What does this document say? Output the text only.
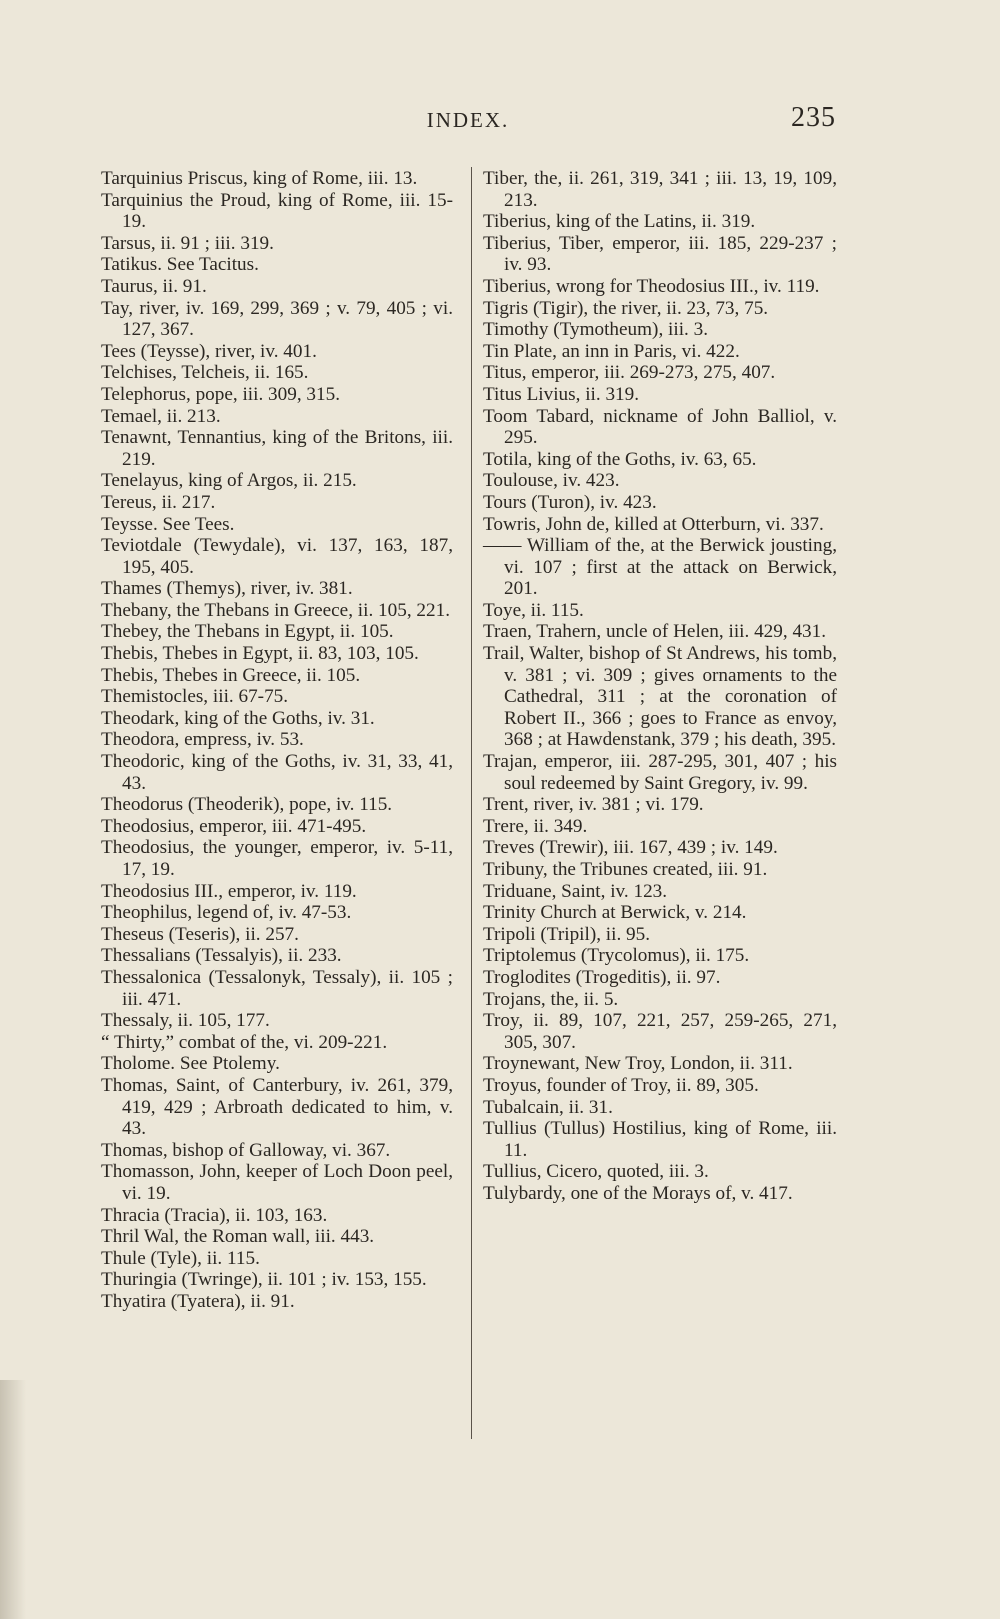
INDEX.	235
Tarquinius Priscus, king of Rome, iii. 13.
Tarquinius the Proud, king of Rome, iii. 15-19.
Tarsus, ii. 91 ; iii. 319.
Tatikus. See Tacitus.
Taurus, ii. 91.
Tay, river, iv. 169, 299, 369 ; v. 79, 405 ; vi. 127, 367.
Tees (Teysse), river, iv. 401.
Telchises, Telcheis, ii. 165.
Telephorus, pope, iii. 309, 315.
Temael, ii. 213.
Tenawnt, Tennantius, king of the Britons, iii. 219.
Tenelayus, king of Argos, ii. 215.
Tereus, ii. 217.
Teysse. See Tees.
Teviotdale (Tewydale), vi. 137, 163, 187, 195, 405.
Thames (Themys), river, iv. 381.
Thebany, the Thebans in Greece, ii. 105, 221.
Thebey, the Thebans in Egypt, ii. 105.
Thebis, Thebes in Egypt, ii. 83, 103, 105.
Thebis, Thebes in Greece, ii. 105.
Themistocles, iii. 67-75.
Theodark, king of the Goths, iv. 31.
Theodora, empress, iv. 53.
Theodoric, king of the Goths, iv. 31, 33, 41, 43.
Theodorus (Theoderik), pope, iv. 115.
Theodosius, emperor, iii. 471-495.
Theodosius, the younger, emperor, iv. 5-11, 17, 19.
Theodosius III., emperor, iv. 119.
Theophilus, legend of, iv. 47-53.
Theseus (Teseris), ii. 257.
Thessalians (Tessalyis), ii. 233.
Thessalonica (Tessalonyk, Tessaly), ii. 105 ; iii. 471.
Thessaly, ii. 105, 177.
“ Thirty,” combat of the, vi. 209-221.
Tholome. See Ptolemy.
Thomas, Saint, of Canterbury, iv. 261, 379, 419, 429 ; Arbroath dedicated to him, v. 43.
Thomas, bishop of Galloway, vi. 367.
Thomasson, John, keeper of Loch Doon peel, vi. 19.
Thracia (Tracia), ii. 103, 163.
Thril Wal, the Roman wall, iii. 443.
Thule (Tyle), ii. 115.
Thuringia (Twringe), ii. 101 ; iv. 153, 155.
Thyatira (Tyatera), ii. 91.
Tiber, the, ii. 261, 319, 341 ; iii. 13, 19, 109, 213.
Tiberius, king of the Latins, ii. 319.
Tiberius, Tiber, emperor, iii. 185, 229-237 ; iv. 93.
Tiberius, wrong for Theodosius III., iv. 119.
Tigris (Tigir), the river, ii. 23, 73, 75.
Timothy (Tymotheum), iii. 3.
Tin Plate, an inn in Paris, vi. 422.
Titus, emperor, iii. 269-273, 275, 407.
Titus Livius, ii. 319.
Toom Tabard, nickname of John Balliol, v. 295.
Totila, king of the Goths, iv. 63, 65.
Toulouse, iv. 423.
Tours (Turon), iv. 423.
Towris, John de, killed at Otterburn, vi. 337.
—— William of the, at the Berwick jousting, vi. 107 ; first at the attack on Berwick, 201.
Toye, ii. 115.
Traen, Trahern, uncle of Helen, iii. 429, 431.
Trail, Walter, bishop of St Andrews, his tomb, v. 381 ; vi. 309 ; gives ornaments to the Cathedral, 311 ; at the coronation of Robert II., 366 ; goes to France as envoy, 368 ; at Hawdenstank, 379 ; his death, 395.
Trajan, emperor, iii. 287-295, 301, 407 ; his soul redeemed by Saint Gregory, iv. 99.
Trent, river, iv. 381 ; vi. 179.
Trere, ii. 349.
Treves (Trewir), iii. 167, 439 ; iv. 149.
Tribuny, the Tribunes created, iii. 91.
Triduane, Saint, iv. 123.
Trinity Church at Berwick, v. 214.
Tripoli (Tripil), ii. 95.
Triptolemus (Trycolomus), ii. 175.
Troglodites (Trogeditis), ii. 97.
Trojans, the, ii. 5.
Troy, ii. 89, 107, 221, 257, 259-265, 271, 305, 307.
Troynewant, New Troy, London, ii. 311.
Troyus, founder of Troy, ii. 89, 305.
Tubalcain, ii. 31.
Tullius (Tullus) Hostilius, king of Rome, iii. 11.
Tullius, Cicero, quoted, iii. 3.
Tulybardy, one of the Morays of, v. 417.
